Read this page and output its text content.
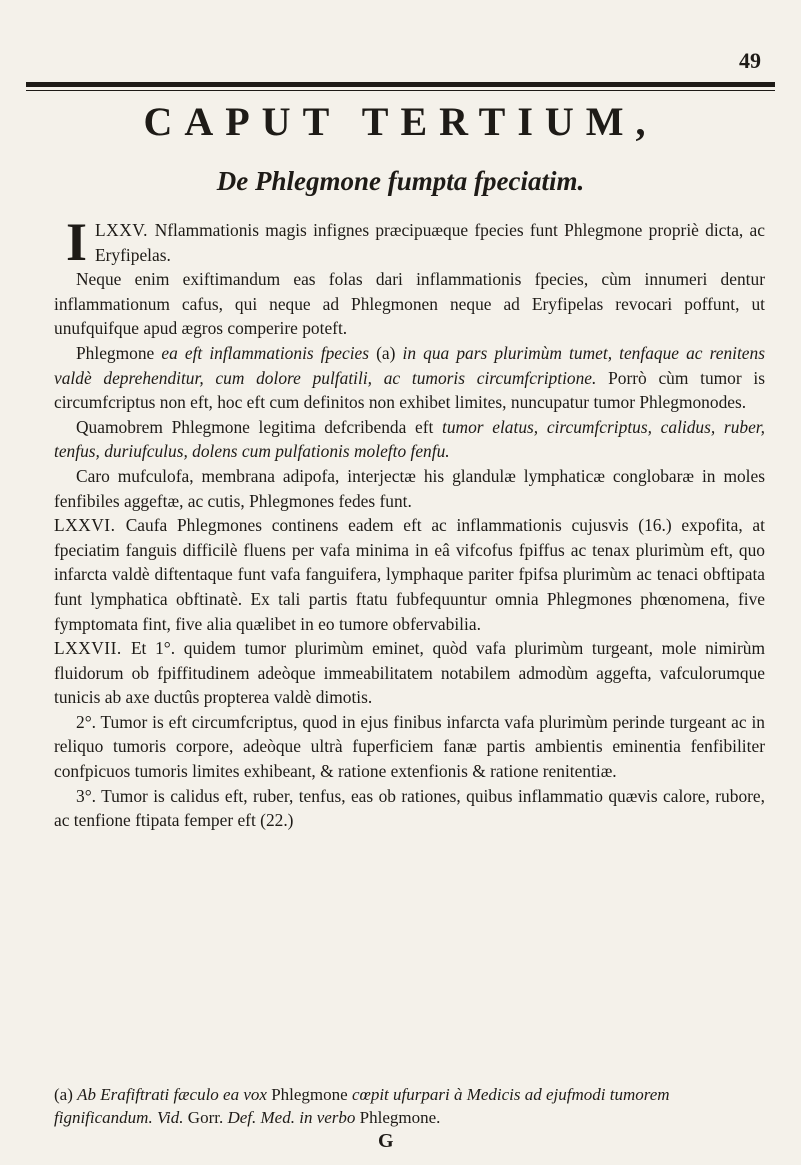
49
CAPUT TERTIUM,
De Phlegmone fumpta fpeciatim.

LXXV.
I	Nflammationis magis infignes præcipuæque fpecies funt Phlegmone propriè dicta, ac Eryfipelas.

Neque enim exiftimandum eas folas dari inflammationis fpecies, cùm innumeri dentur inflammationum cafus, qui neque ad Phlegmonen neque ad Eryfipelas revocari poffunt, ut unufquifque apud ægros comperire poteft.

Phlegmone ea eft inflammationis fpecies (a) in qua pars plurimùm tumet, tenfaque ac renitens valdè deprehenditur, cum dolore pulfatili, ac tumoris circumfcriptione. Porrò cùm tumor is circumfcriptus non eft, hoc eft cum definitos non exhibet limites, nuncupatur tumor Phlegmonodes.

Quamobrem Phlegmone legitima defcribenda eft tumor elatus, circumfcriptus, calidus, ruber, tenfus, duriufculus, dolens cum pulfationis molefto fenfu.

Caro mufculofa, membrana adipofa, interjectæ his glandulæ lymphaticæ conglobaræ in moles fenfibiles aggeftæ, ac cutis, Phlegmones fedes funt.

LXXVI. Caufa Phlegmones continens eadem eft ac inflammationis cujusvis (16.) expofita, at fpeciatim fanguis difficilè fluens per vafa minima in eâ vifcofus fpiffus ac tenax plurimùm eft, quo infarcta valdè diftentaque funt vafa fanguifera, lymphaque pariter fpifsa plurimùm ac tenaci obftipata funt lymphatica obftinatè. Ex tali partis ftatu fubfequuntur omnia Phlegmones phœnomena, five fymptomata fint, five alia quælibet in eo tumore obfervabilia.

LXXVII. Et 1°. quidem tumor plurimùm eminet, quòd vafa plurimùm turgeant, mole nimirùm fluidorum ob fpiffitudinem adeòque immeabilitatem notabilem admodùm aggefta, vafculorumque tunicis ab axe ductûs propterea valdè dimotis.

2°. Tumor is eft circumfcriptus, quod in ejus finibus infarcta vafa plurimùm perinde turgeant ac in reliquo tumoris corpore, adeòque ultrà fuperficiem fanæ partis ambientis eminentia fenfibiliter confpicuos tumoris limites exhibeant, & ratione extenfionis & ratione renitentiæ.

3°. Tumor is calidus eft, ruber, tenfus, eas ob rationes, quibus inflammatio quævis calore, rubore, ac tenfione ftipata femper eft (22.)

(a) Ab Erafiftrati fæculo ea vox Phlegmone cœpit ufurpari à Medicis ad ejufmodi tumorem fignificandum. Vid. Gorr. Def. Med. in verbo Phlegmone.
G
